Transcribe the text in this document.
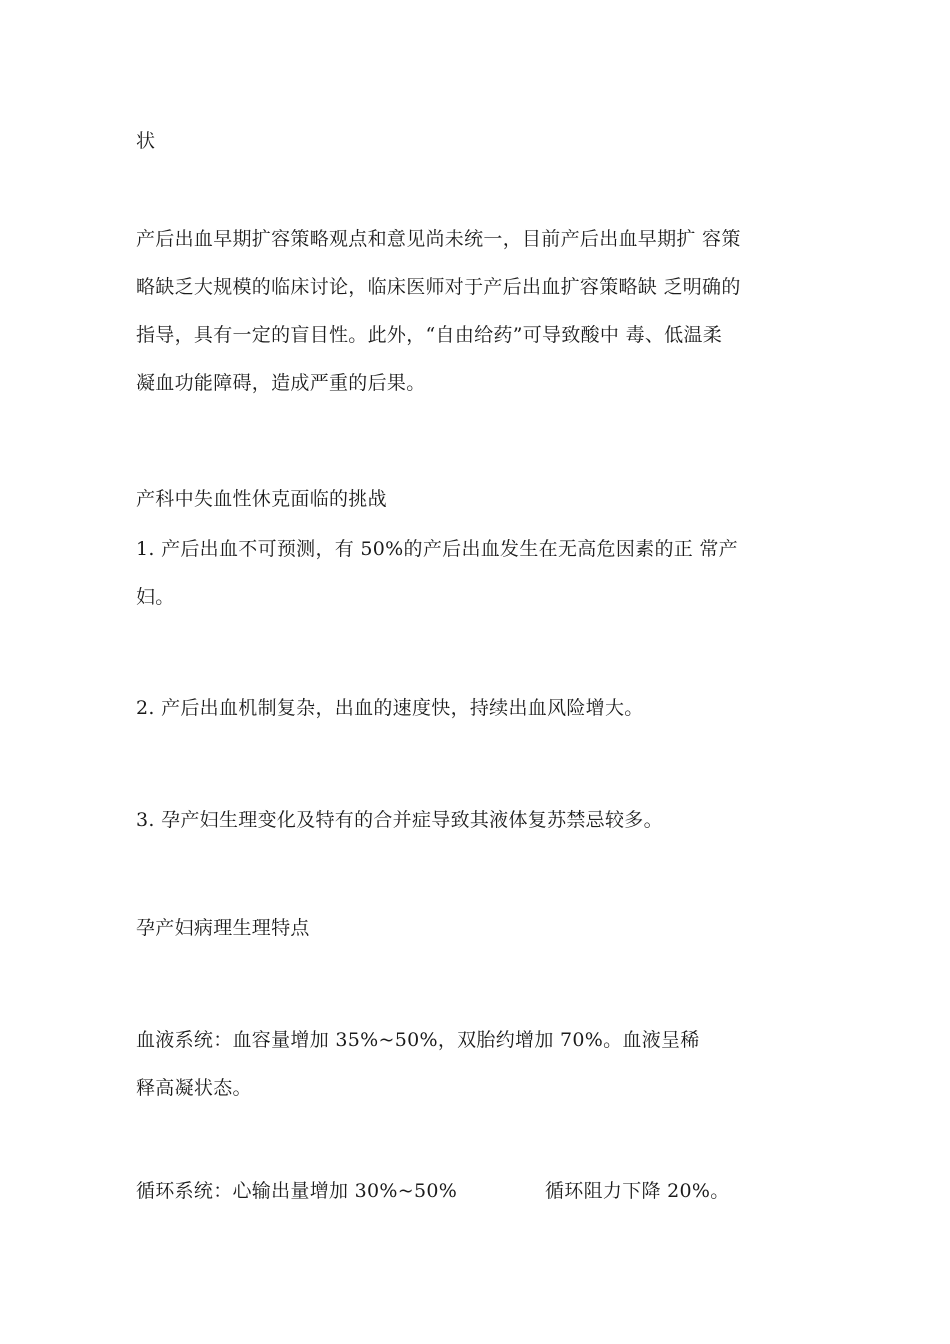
状
产后出血早期扩容策略观点和意见尚未统一，目前产后出血早期扩 容策
略缺乏大规模的临床讨论，临床医师对于产后出血扩容策略缺 乏明确的
指导，具有一定的盲目性。此外，“自由给药”可导致酸中 毒、低温柔
凝血功能障碍，造成严重的后果。
产科中失血性休克面临的挑战
1. 产后出血不可预测，有 50%的产后出血发生在无高危因素的正 常产
妇。
2. 产后出血机制复杂，出血的速度快，持续出血风险增大。
3. 孕产妇生理变化及特有的合并症导致其液体复苏禁忌较多。
孕产妇病理生理特点
血液系统：血容量增加 35%~50%，双胎约增加 70%。血液呈稀
释高凝状态。
循环系统：心输出量增加 30%~50%	循环阻力下降 20%。
